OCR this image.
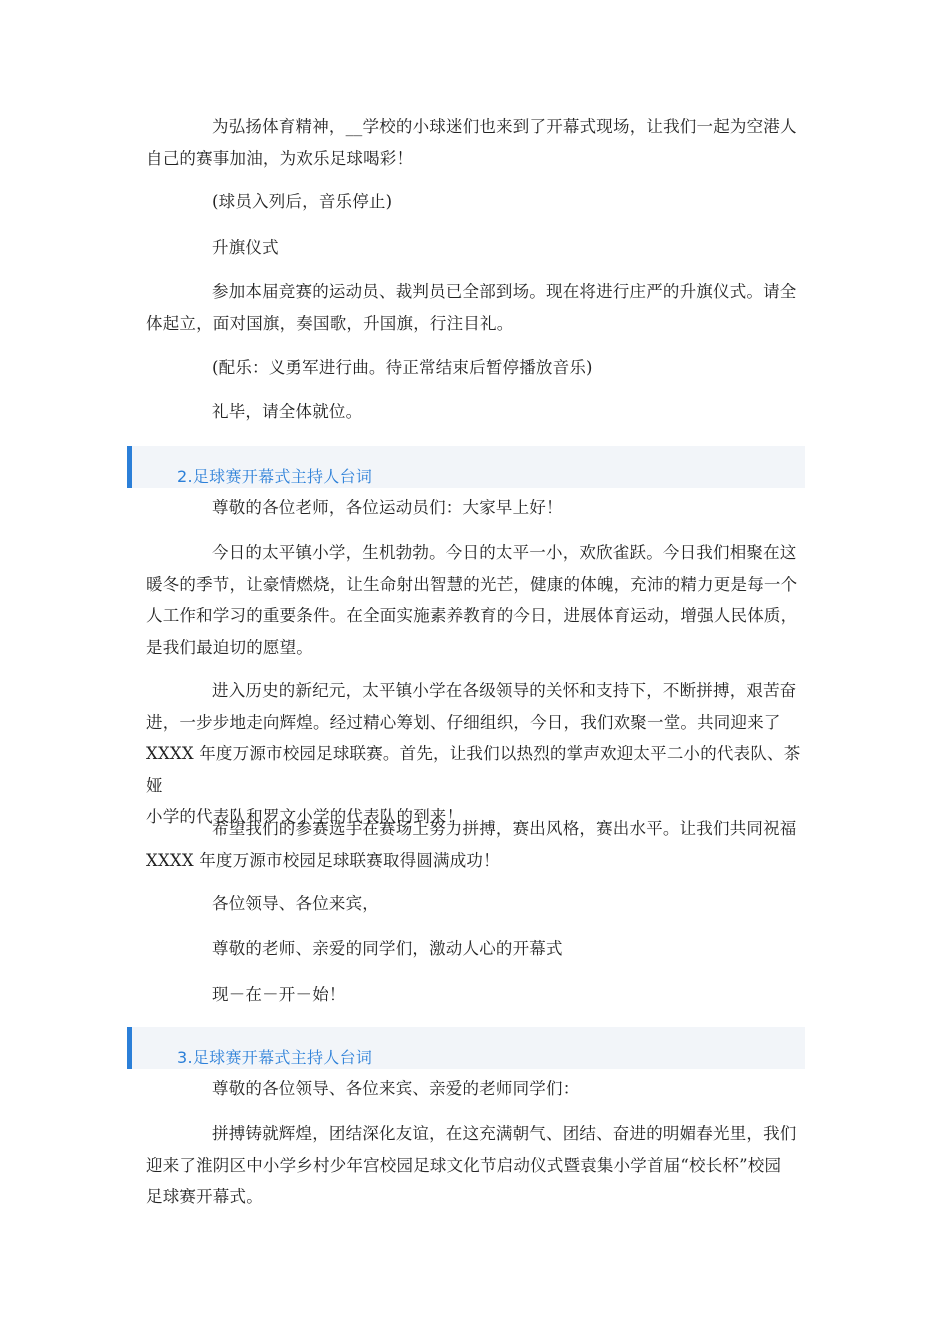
为弘扬体育精神，__学校的小球迷们也来到了开幕式现场，让我们一起为空港人
自己的赛事加油，为欢乐足球喝彩！

(球员入列后，音乐停止)

升旗仪式

参加本届竞赛的运动员、裁判员已全部到场。现在将进行庄严的升旗仪式。请全
体起立，面对国旗，奏国歌，升国旗，行注目礼。

(配乐：义勇军进行曲。待正常结束后暂停播放音乐)

礼毕，请全体就位。

2.足球赛开幕式主持人台词

尊敬的各位老师，各位运动员们：大家早上好！

今日的太平镇小学，生机勃勃。今日的太平一小，欢欣雀跃。今日我们相聚在这
暖冬的季节，让豪情燃烧，让生命射出智慧的光芒，健康的体魄，充沛的精力更是每一个
人工作和学习的重要条件。在全面实施素养教育的今日，进展体育运动，增强人民体质，
是我们最迫切的愿望。

进入历史的新纪元，太平镇小学在各级领导的关怀和支持下，不断拼搏，艰苦奋
进，一步步地走向辉煌。经过精心筹划、仔细组织，今日，我们欢聚一堂。共同迎来了
XXXX 年度万源市校园足球联赛。首先，让我们以热烈的掌声欢迎太平二小的代表队、茶娅
小学的代表队和罗文小学的代表队的到来！

希望我们的参赛选手在赛场上努力拼搏，赛出风格，赛出水平。让我们共同祝福
XXXX 年度万源市校园足球联赛取得圆满成功！

各位领导、各位来宾，

尊敬的老师、亲爱的同学们，激动人心的开幕式

现－在－开－始！

3.足球赛开幕式主持人台词

尊敬的各位领导、各位来宾、亲爱的老师同学们：

拼搏铸就辉煌，团结深化友谊，在这充满朝气、团结、奋进的明媚春光里，我们
迎来了淮阴区中小学乡村少年宫校园足球文化节启动仪式暨袁集小学首届“校长杯”校园
足球赛开幕式。
